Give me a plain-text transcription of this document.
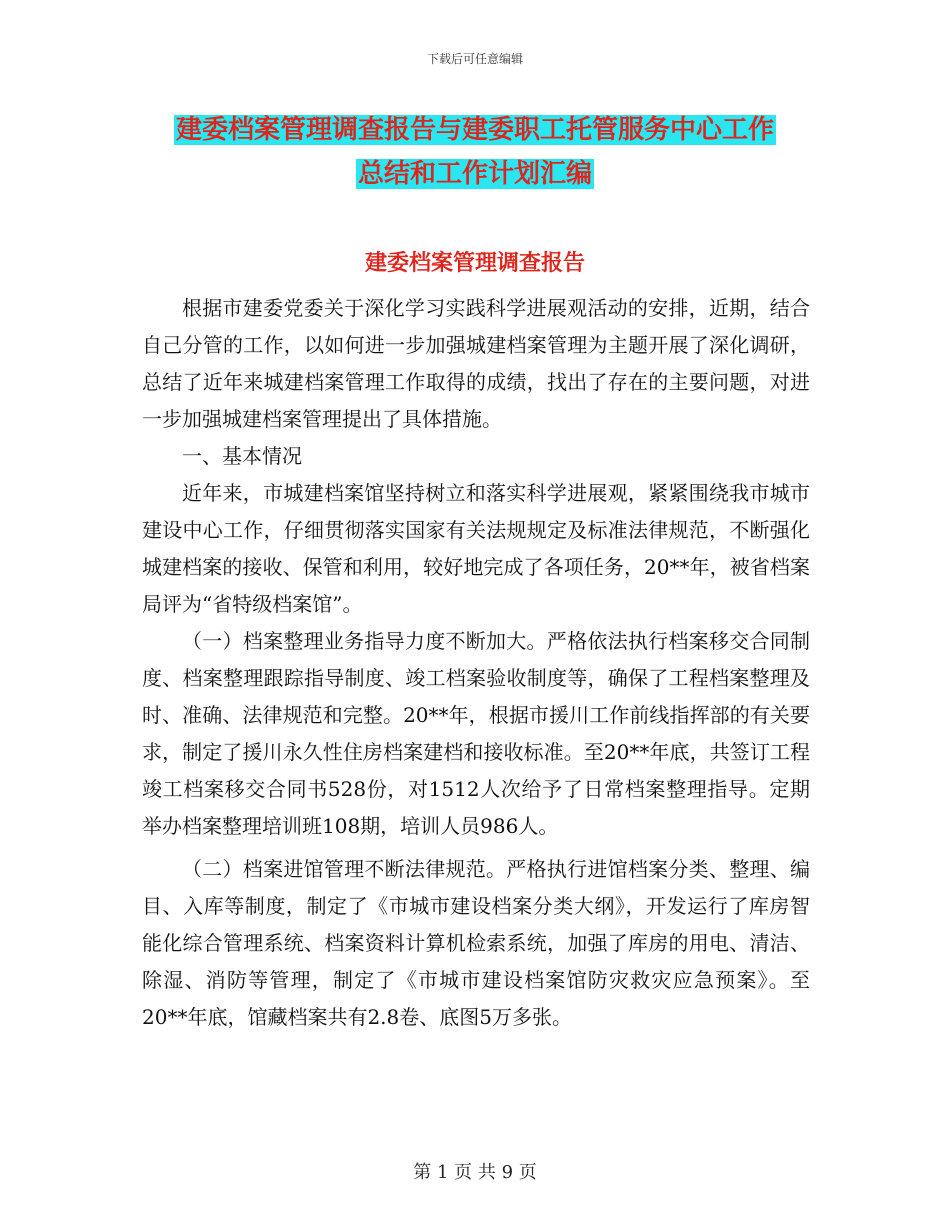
下载后可任意编辑
建委档案管理调查报告与建委职工托管服务中心工作
总结和工作计划汇编
建委档案管理调查报告

根据市建委党委关于深化学习实践科学进展观活动的安排，近期，结合自己分管的工作，以如何进一步加强城建档案管理为主题开展了深化调研，总结了近年来城建档案管理工作取得的成绩，找出了存在的主要问题，对进一步加强城建档案管理提出了具体措施。

一、基本情况

近年来，市城建档案馆坚持树立和落实科学进展观，紧紧围绕我市城市建设中心工作，仔细贯彻落实国家有关法规规定及标准法律规范，不断强化城建档案的接收、保管和利用，较好地完成了各项任务，20**年，被省档案局评为“省特级档案馆”。

（一）档案整理业务指导力度不断加大。严格依法执行档案移交合同制度、档案整理跟踪指导制度、竣工档案验收制度等，确保了工程档案整理及时、准确、法律规范和完整。20**年，根据市援川工作前线指挥部的有关要求，制定了援川永久性住房档案建档和接收标准。至20**年底，共签订工程竣工档案移交合同书528份，对1512人次给予了日常档案整理指导。定期举办档案整理培训班108期，培训人员986人。

（二）档案进馆管理不断法律规范。严格执行进馆档案分类、整理、编目、入库等制度，制定了《市城市建设档案分类大纲》，开发运行了库房智能化综合管理系统、档案资料计算机检索系统，加强了库房的用电、清洁、除湿、消防等管理，制定了《市城市建设档案馆防灾救灾应急预案》。至20**年底，馆藏档案共有2.8卷、底图5万多张。

第 1 页 共 9 页
